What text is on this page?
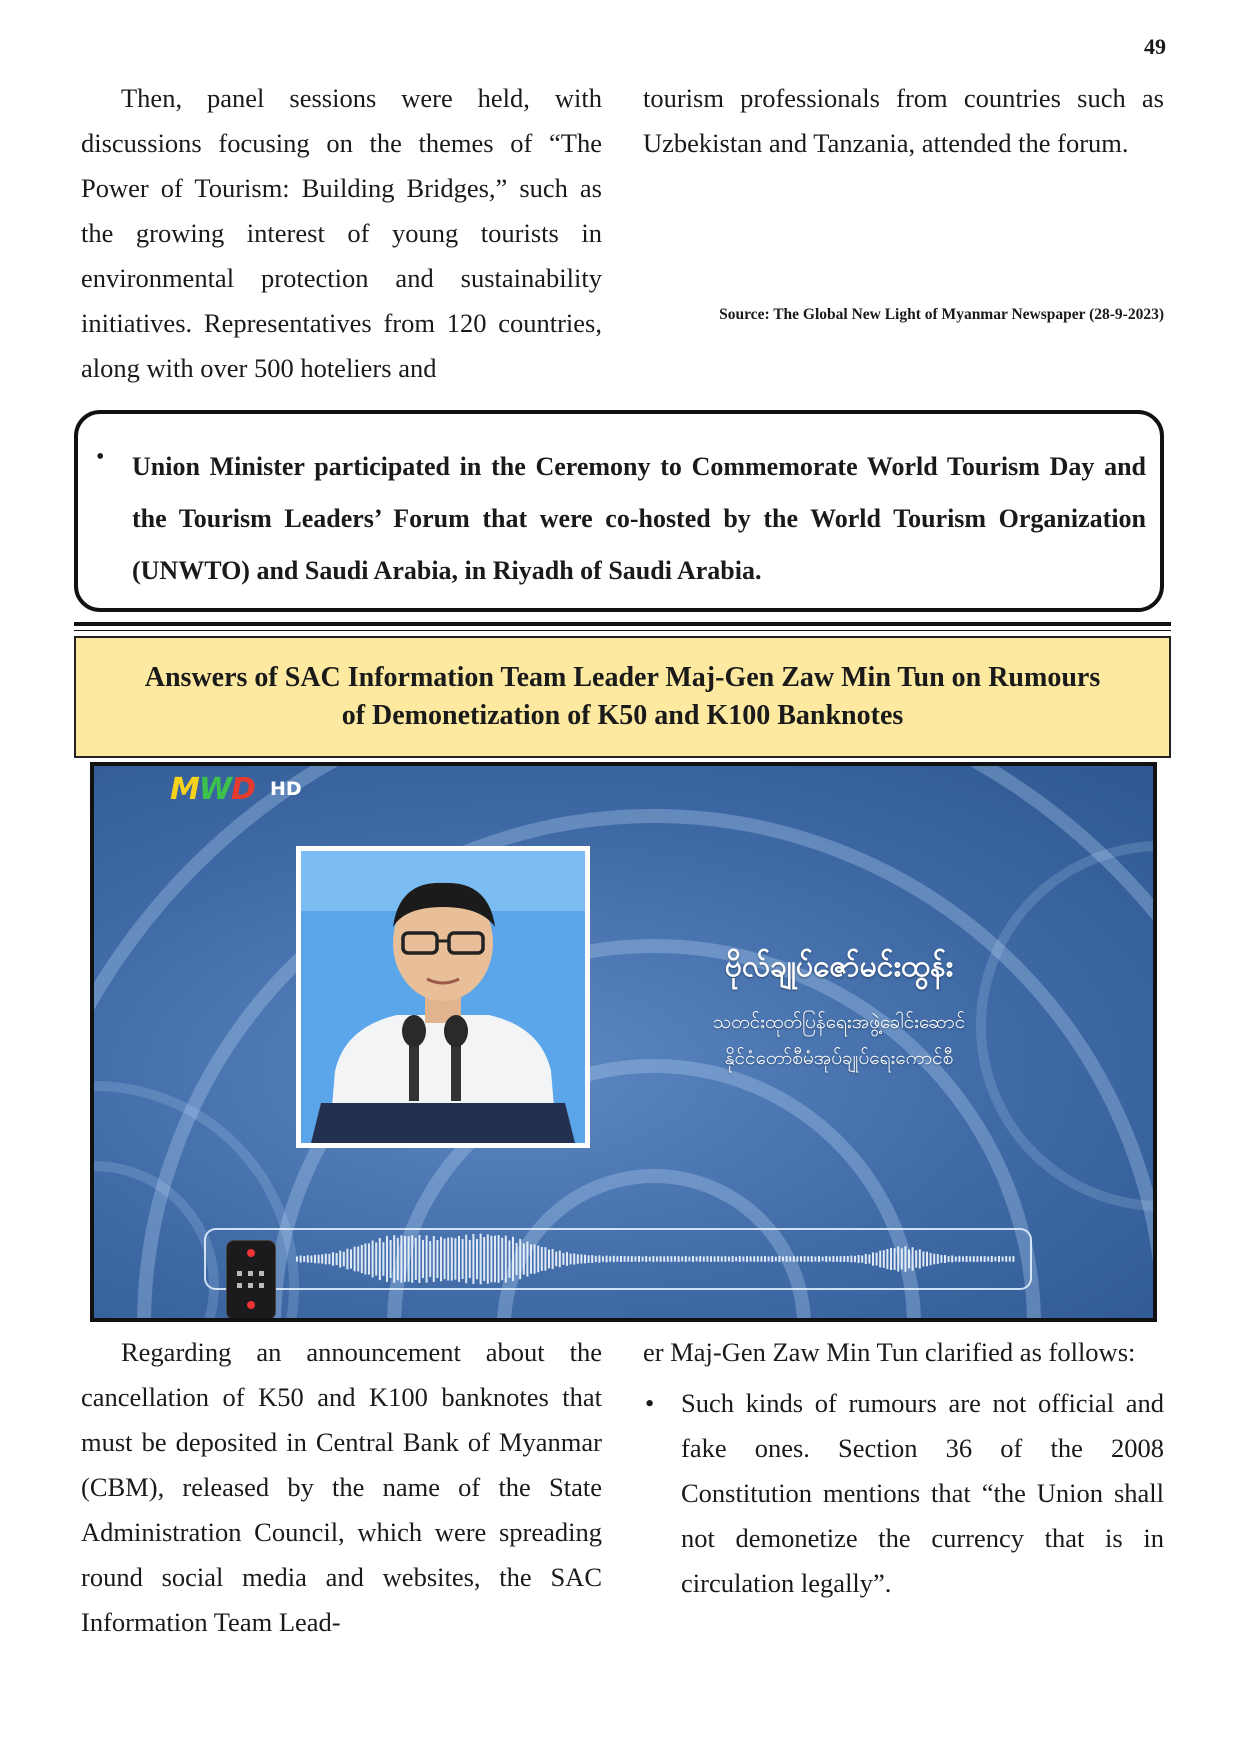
49

Then, panel sessions were held, with discussions focusing on the themes of “The Power of Tourism: Building Bridges,” such as the growing interest of young tourists in environmental protection and sustainability initiatives. Representatives from 120 countries, along with over 500 hoteliers and

tourism professionals from countries such as Uzbekistan and Tanzania, attended the forum.

Source: The Global New Light of Myanmar Newspaper (28-9-2023)
• Union Minister participated in the Ceremony to Commemorate World Tourism Day and the Tourism Leaders’ Forum that were co-hosted by the World Tourism Organization (UNWTO) and Saudi Arabia, in Riyadh of Saudi Arabia.

Answers of SAC Information Team Leader Maj-Gen Zaw Min Tun on Rumours
of Demonetization of K50 and K100 Banknotes
MWD HD
ဗိုလ်ချုပ်ဇော်မင်းထွန်း
သတင်းထုတ်ပြန်ရေးအဖွဲ့ခေါင်းဆောင်
နိုင်ငံတော်စီမံအုပ်ချုပ်ရေးကောင်စီ

Regarding an announcement about the cancellation of K50 and K100 banknotes that must be deposited in Central Bank of Myanmar (CBM), released by the name of the State Administration Council, which were spreading round social media and websites, the SAC Information Team Lead-

er Maj-Gen Zaw Min Tun clarified as follows:

• Such kinds of rumours are not official and fake ones. Section 36 of the 2008 Constitution mentions that “the Union shall not demonetize the currency that is in circulation legally”.
